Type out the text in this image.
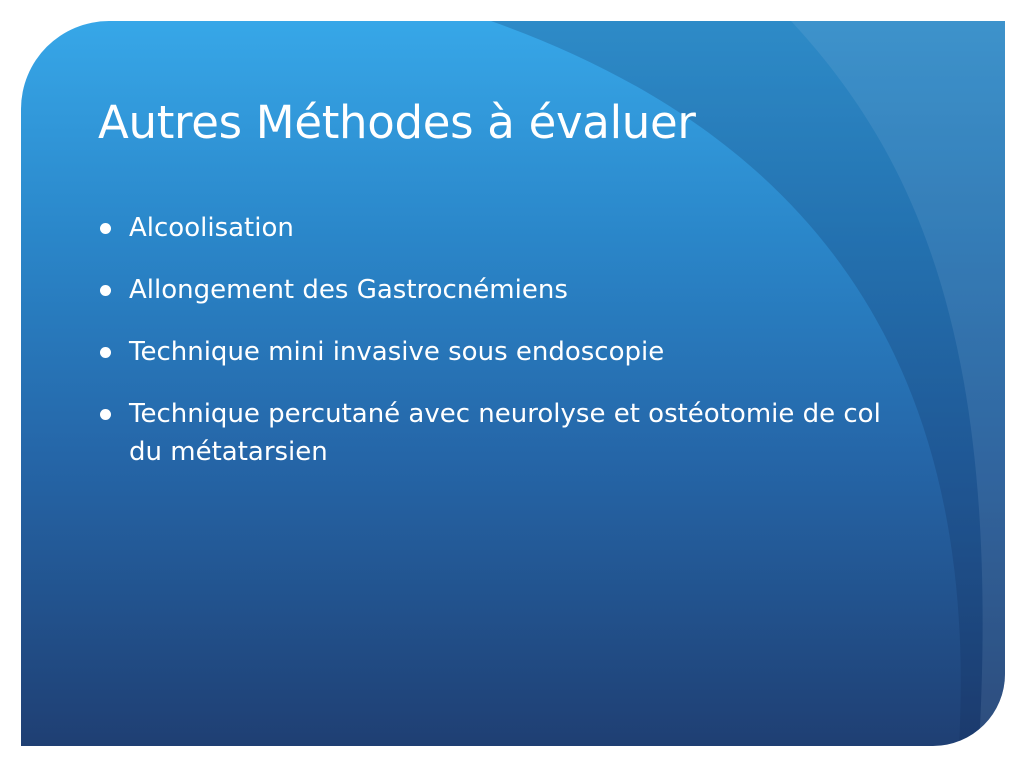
Autres Méthodes à évaluer
Alcoolisation
Allongement des Gastrocnémiens
Technique mini invasive sous endoscopie
Technique percutané avec neurolyse et ostéotomie de col du métatarsien
